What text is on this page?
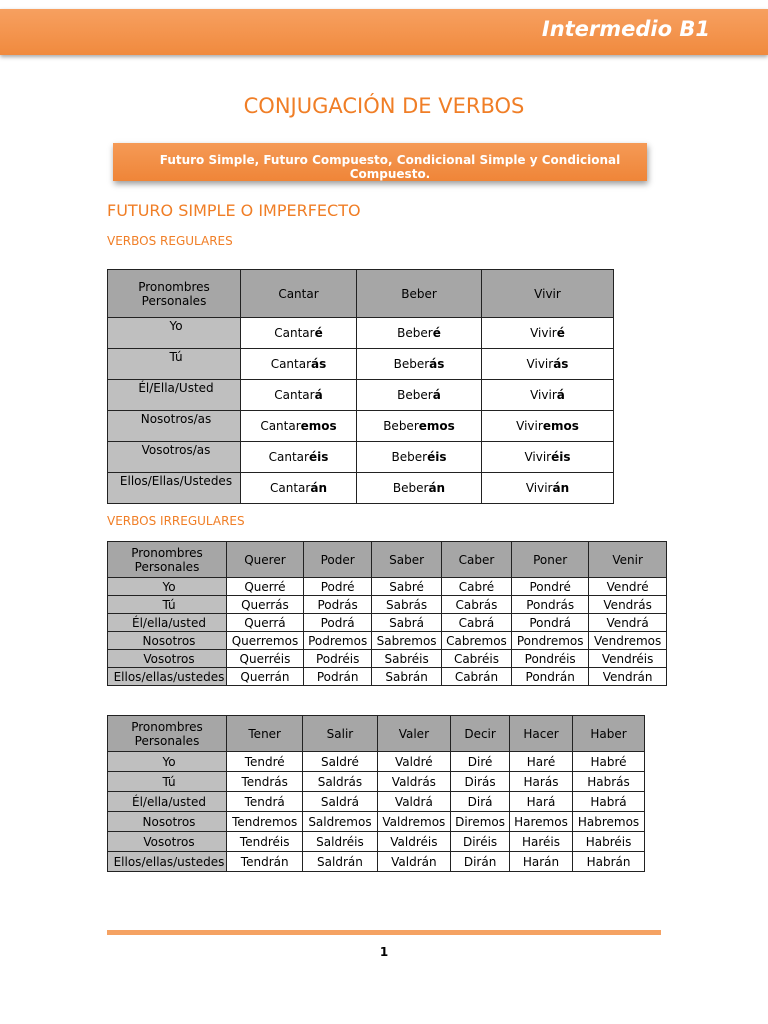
Intermedio B1
CONJUGACIÓN DE VERBOS
Futuro Simple, Futuro Compuesto, Condicional Simple y Condicional Compuesto.
FUTURO SIMPLE O IMPERFECTO
VERBOS REGULARES
Pronombres Personales	Cantar	Beber	Vivir
Yo	Cantaré	Beberé	Viviré
Tú	Cantarás	Beberás	Vivirás
Él/Ella/Usted	Cantará	Beberá	Vivirá
Nosotros/as	Cantaremos	Beberemos	Viviremos
Vosotros/as	Cantaréis	Beberéis	Viviréis
Ellos/Ellas/Ustedes	Cantarán	Beberán	Vivirán
VERBOS IRREGULARES
Pronombres Personales	Querer	Poder	Saber	Caber	Poner	Venir
Yo	Querré	Podré	Sabré	Cabré	Pondré	Vendré
Tú	Querrás	Podrás	Sabrás	Cabrás	Pondrás	Vendrás
Él/ella/usted	Querrá	Podrá	Sabrá	Cabrá	Pondrá	Vendrá
Nosotros	Querremos	Podremos	Sabremos	Cabremos	Pondremos	Vendremos
Vosotros	Querréis	Podréis	Sabréis	Cabréis	Pondréis	Vendréis
Ellos/ellas/ustedes	Querrán	Podrán	Sabrán	Cabrán	Pondrán	Vendrán
Pronombres Personales	Tener	Salir	Valer	Decir	Hacer	Haber
Yo	Tendré	Saldré	Valdré	Diré	Haré	Habré
Tú	Tendrás	Saldrás	Valdrás	Dirás	Harás	Habrás
Él/ella/usted	Tendrá	Saldrá	Valdrá	Dirá	Hará	Habrá
Nosotros	Tendremos	Saldremos	Valdremos	Diremos	Haremos	Habremos
Vosotros	Tendréis	Saldréis	Valdréis	Diréis	Haréis	Habréis
Ellos/ellas/ustedes	Tendrán	Saldrán	Valdrán	Dirán	Harán	Habrán
1
